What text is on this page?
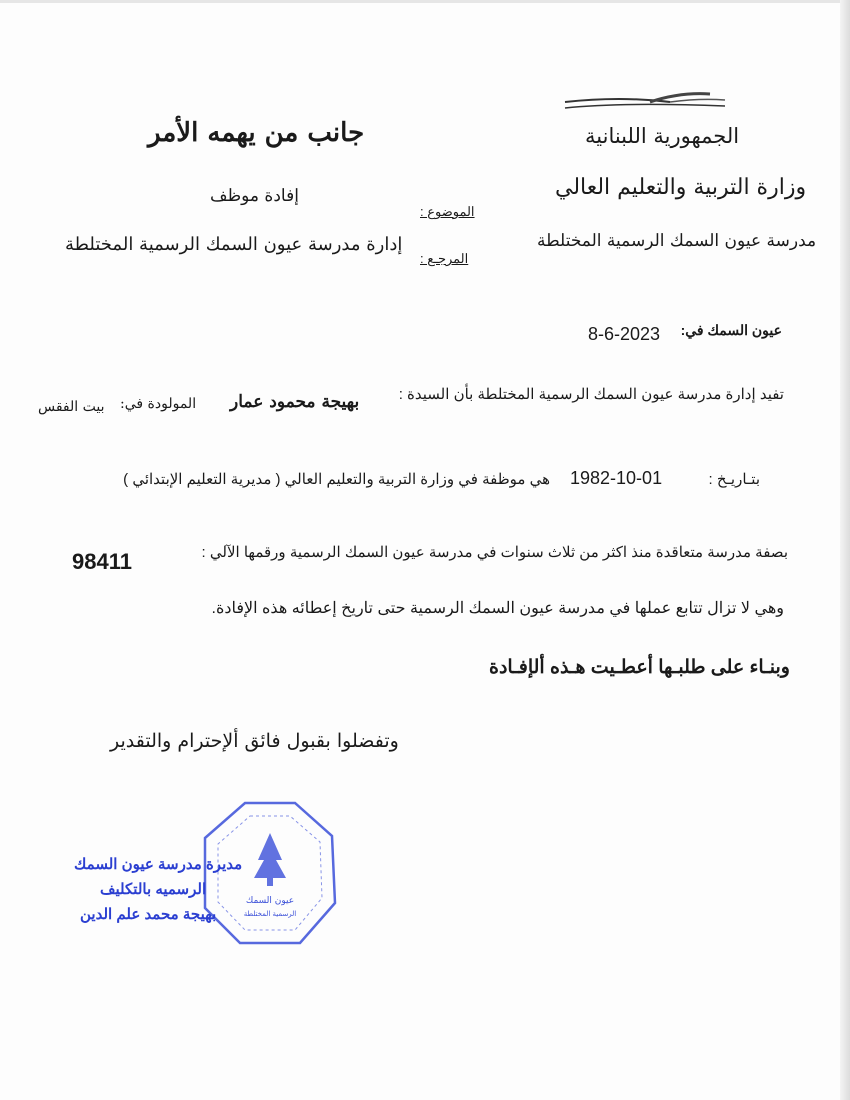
الجمهورية اللبنانية
وزارة التربية والتعليم العالي
مدرسة عيون السمك الرسمية المختلطة
جانب من يهمه الأمر
إفادة موظف
إدارة مدرسة عيون السمك الرسمية المختلطة
الموضوع :
المرجـع :
عيون السمك في:
8-6-2023
تفيد إدارة مدرسة عيون السمك الرسمية المختلطة بأن السيدة :
بهيجة محمود عمار
المولودة في:
بيت الفقس
بتـاريـخ :
1982-10-01
هي موظفة في وزارة التربية والتعليم العالي ( مديرية التعليم الإبتدائي )
بصفة مدرسة متعاقدة منذ اكثر من ثلاث سنوات في مدرسة عيون السمك الرسمية ورقمها الآلي :
98411
وهي لا تزال تتابع عملها في مدرسة عيون السمك الرسمية حتى تاريخ إعطائه هذه الإفادة.
وبنـاء على طلبـها أعطـيت هـذه ألإفـادة
وتفضلوا بقبول فائق ألإحترام والتقدير
عيون السمك
الرسمية المختلطة
مديرة مدرسة عيون السمك
الرسميه بالتكليف
بهيجة محمد علم الدين
